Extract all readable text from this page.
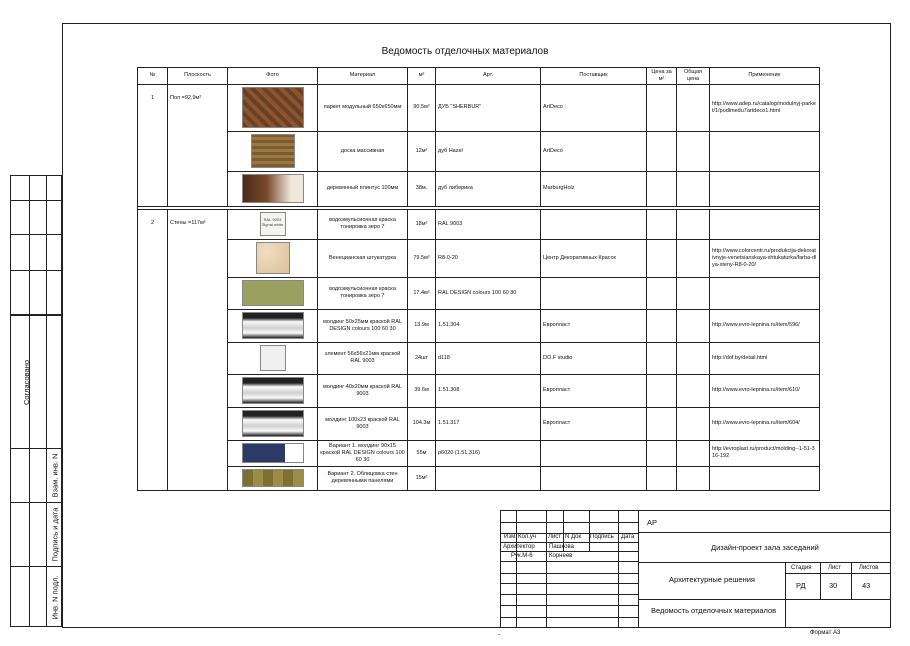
Согласовано
Взам. инв. N
Подпись и дата
Инв. N подл.
Ведомость отделочных материалов
№	Плоскость	Фото	Материал	м²	Арт.	Поставщик	Цена за м²	Общая цена	Применение
1	Пол =92,9м²		паркет модульный 650х650мм	90.5м²	ДУБ "SHERBUR"	ArtDeco			http://www.adep.ru/catalog/modulnyj-parket/1/podlmedu7artdeco1.html

			доска массивная	12м²	дуб Hazel	ArtDeco			

			деревянный плинтус 100мм	38м.	дуб либерика	MarburgHolz			

2	Стены =117м²	RAL 9003 Signal white	водоэмульсионная краска тонировка зеро 7	18м²	RAL 9003				

			Венецианская штукатурка	79.5м²	R8-0-20	Центр Декоративных Красок			http://www.colorcentr.ru/produkcija-dekorativnyje-venetsianskaya-shtukaturka/farba-dlya-steny-R8-0-20/

			водоэмульсионная краска тонировка зеро 7	17.4м²	RAL DESIGN colours 100 60 30				

			молдинг 50х25мм краской RAL DESIGN colours 100 60 30	13.9м	1.51.304	Европласт			http://www.evro-lepnina.ru/item/596/

			элемент 56х56х21мм краской RAL 9003	24шт	d118	DO.F studio			http://dof.by/detail.html

			молдинг 40х20мм краской RAL 9003	39.6м	1.51.308	Европласт			http://www.evro-lepnina.ru/item/610/

			молдинг 100х23 краской RAL 9003	104.3м	1.51.317	Европласт			http://www.evro-lepnina.ru/item/604/

			Вариант 1. молдинг 90х15 краской RAL DESIGN colours 100 60 30	55м	р6020 (1.51.316)				http://evroplast.ru/product/molding--1-51-316-192

			Вариант 2. Облицовка стен деревянными панелями	15м²					
Изм. Кол.уч Лист N Док Подпись Дата
Архитектор Пашкова
Рук.М-6	Корнеев
АР
Дизайн-проект зала заседаний
Архитектурные решения
Ведомость отделочных материалов
Стадия	Лист	Листов
РД	30	43
-	Формат А3
